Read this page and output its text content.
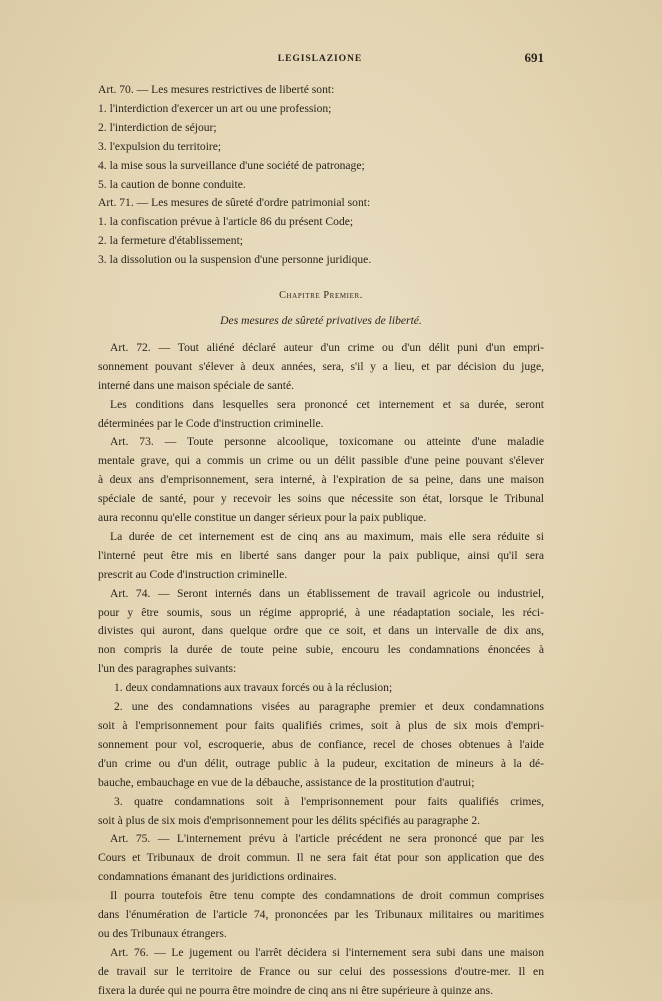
LEGISLAZIONE	691
Art. 70. — Les mesures restrictives de liberté sont:
1. l'interdiction d'exercer un art ou une profession;
2. l'interdiction de séjour;
3. l'expulsion du territoire;
4. la mise sous la surveillance d'une société de patronage;
5. la caution de bonne conduite.
Art. 71. — Les mesures de sûreté d'ordre patrimonial sont:
1. la confiscation prévue à l'article 86 du présent Code;
2. la fermeture d'établissement;
3. la dissolution ou la suspension d'une personne juridique.
Chapitre Premier.
Des mesures de sûreté privatives de liberté.
Art. 72. — Tout aliéné déclaré auteur d'un crime ou d'un délit puni d'un empri-
sonnement pouvant s'élever à deux années, sera, s'il y a lieu, et par décision du juge,
interné dans une maison spéciale de santé.
Les conditions dans lesquelles sera prononcé cet internement et sa durée, seront
déterminées par le Code d'instruction criminelle.
Art. 73. — Toute personne alcoolique, toxicomane ou atteinte d'une maladie
mentale grave, qui a commis un crime ou un délit passible d'une peine pouvant s'élever
à deux ans d'emprisonnement, sera interné, à l'expiration de sa peine, dans une maison
spéciale de santé, pour y recevoir les soins que nécessite son état, lorsque le Tribunal
aura reconnu qu'elle constitue un danger sérieux pour la paix publique.
La durée de cet internement est de cinq ans au maximum, mais elle sera réduite si
l'interné peut être mis en liberté sans danger pour la paix publique, ainsi qu'il sera
prescrit au Code d'instruction criminelle.
Art. 74. — Seront internés dans un établissement de travail agricole ou industriel,
pour y être soumis, sous un régime approprié, à une réadaptation sociale, les réci-
divistes qui auront, dans quelque ordre que ce soit, et dans un intervalle de dix ans,
non compris la durée de toute peine subie, encouru les condamnations énoncées à
l'un des paragraphes suivants:
1. deux condamnations aux travaux forcés ou à la réclusion;
2. une des condamnations visées au paragraphe premier et deux condamnations
soit à l'emprisonnement pour faits qualifiés crimes, soit à plus de six mois d'empri-
sonnement pour vol, escroquerie, abus de confiance, recel de choses obtenues à l'aide
d'un crime ou d'un délit, outrage public à la pudeur, excitation de mineurs à la dé-
bauche, embauchage en vue de la débauche, assistance de la prostitution d'autrui;
3. quatre condamnations soit à l'emprisonnement pour faits qualifiés crimes,
soit à plus de six mois d'emprisonnement pour les délits spécifiés au paragraphe 2.
Art. 75. — L'internement prévu à l'article précédent ne sera prononcé que par les
Cours et Tribunaux de droit commun. Il ne sera fait état pour son application que des
condamnations émanant des juridictions ordinaires.
Il pourra toutefois être tenu compte des condamnations de droit commun comprises
dans l'énumération de l'article 74, prononcées par les Tribunaux militaires ou maritimes
ou des Tribunaux étrangers.
Art. 76. — Le jugement ou l'arrêt décidera si l'internement sera subi dans une maison
de travail sur le territoire de France ou sur celui des possessions d'outre-mer. Il en
fixera la durée qui ne pourra être moindre de cinq ans ni être supérieure à quinze ans.
